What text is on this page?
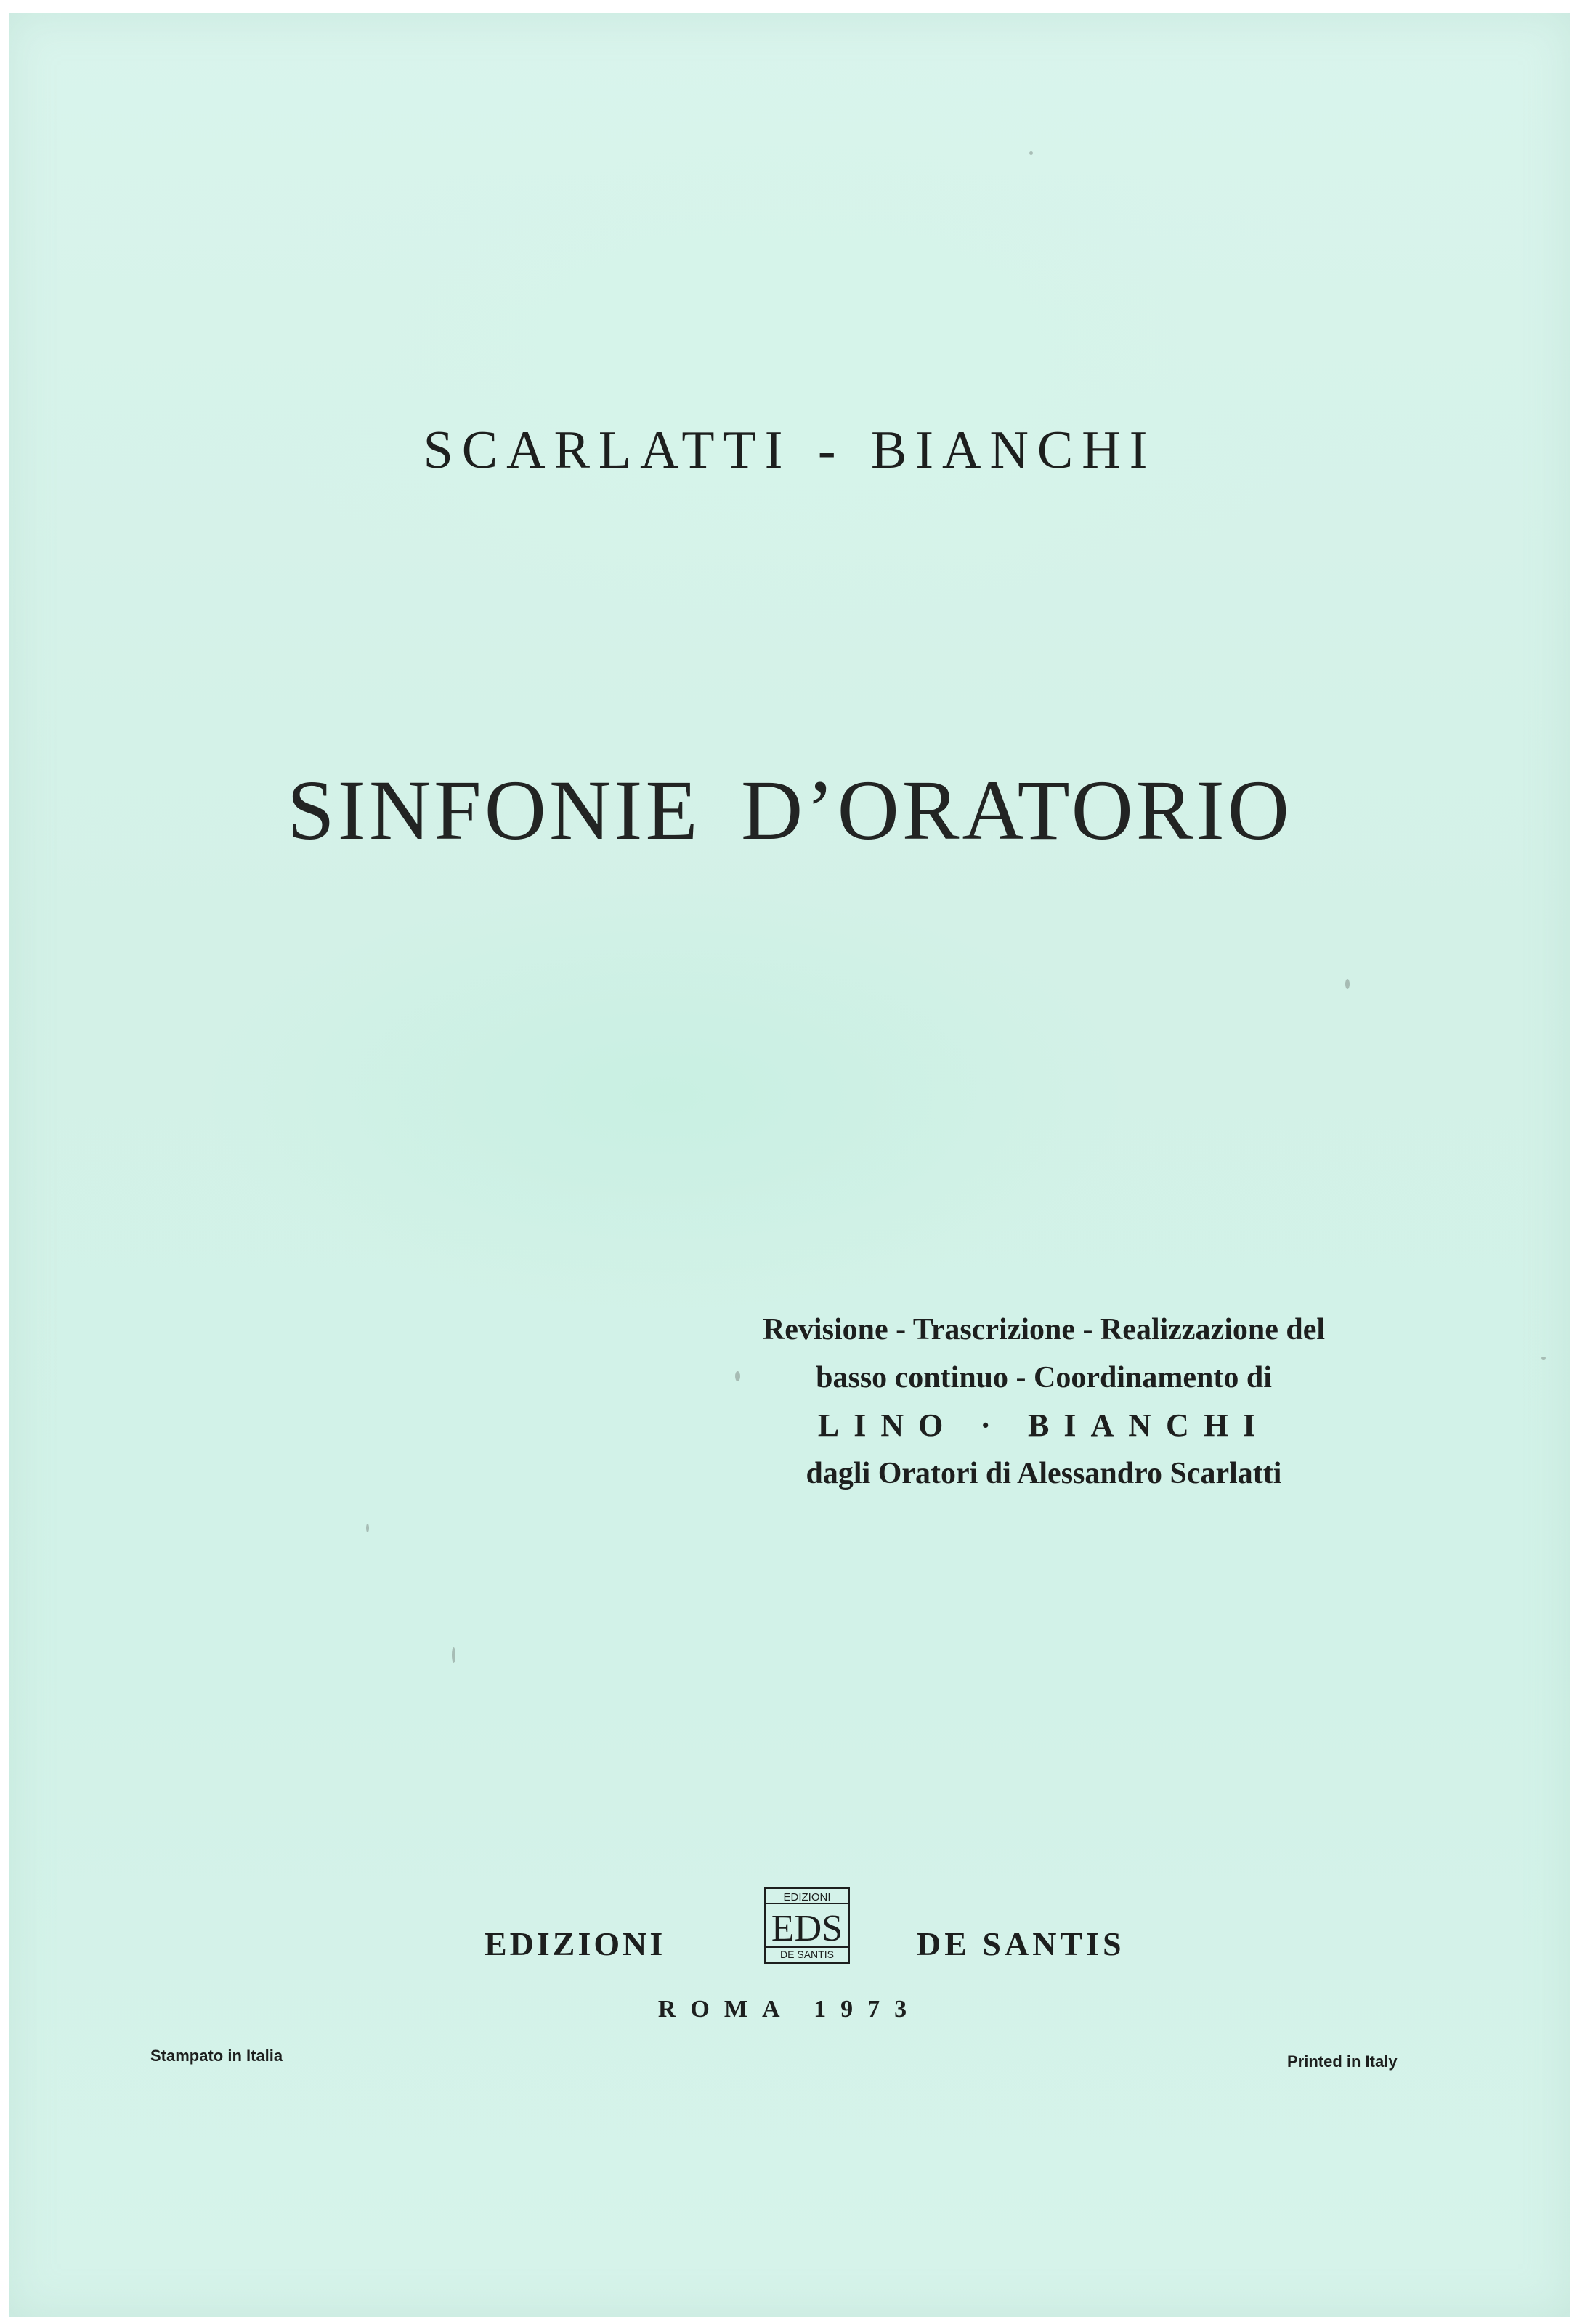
SCARLATTI - BIANCHI
SINFONIE D’ORATORIO
Revisione - Trascrizione - Realizzazione del
basso continuo - Coordinamento di
LINO · BIANCHI
dagli Oratori di Alessandro Scarlatti
EDIZIONI
EDIZIONI
EDS
DE SANTIS DE SANTIS
ROMA 1973
Stampato in Italia	Printed in Italy
